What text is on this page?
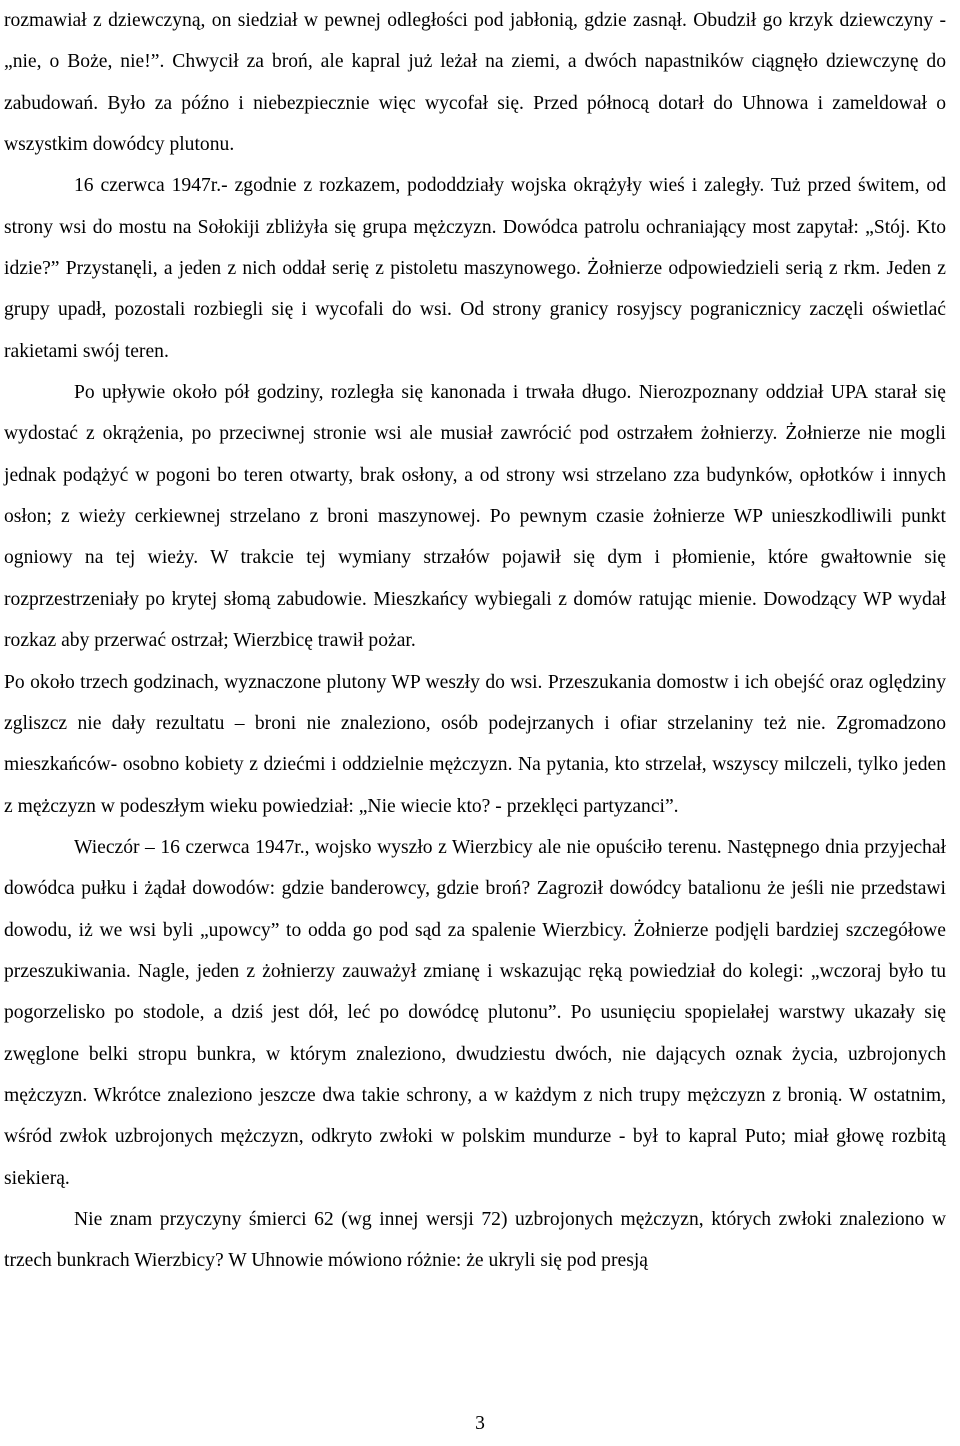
rozmawiał z dziewczyną, on siedział w pewnej odległości pod jabłonią, gdzie zasnął. Obudził go krzyk dziewczyny -„nie, o Boże, nie!”. Chwycił za broń, ale kapral już leżał na ziemi, a dwóch napastników ciągnęło dziewczynę do zabudowań. Było za późno i niebezpiecznie więc wycofał się. Przed północą dotarł do Uhnowa i zameldował o wszystkim dowódcy plutonu.

16 czerwca 1947r.- zgodnie z rozkazem, pododdziały wojska okrążyły wieś i zaległy. Tuż przed świtem, od strony wsi do mostu na Sołokiji zbliżyła się grupa mężczyzn. Dowódca patrolu ochraniający most zapytał: „Stój. Kto idzie?” Przystanęli, a jeden z nich oddał serię z pistoletu maszynowego. Żołnierze odpowiedzieli serią z rkm. Jeden z grupy upadł, pozostali rozbiegli się i wycofali do wsi. Od strony granicy rosyjscy pogranicznicy zaczęli oświetlać rakietami swój teren.

Po upływie około pół godziny, rozległa się kanonada i trwała długo. Nierozpoznany oddział UPA starał się wydostać z okrążenia, po przeciwnej stronie wsi ale musiał zawrócić pod ostrzałem żołnierzy. Żołnierze nie mogli jednak podążyć w pogoni bo teren otwarty, brak osłony, a od strony wsi strzelano zza budynków, opłotków i innych osłon; z wieży cerkiewnej strzelano z broni maszynowej. Po pewnym czasie żołnierze WP unieszkodliwili punkt ogniowy na tej wieży. W trakcie tej wymiany strzałów pojawił się dym i płomienie, które gwałtownie się rozprzestrzeniały po krytej słomą zabudowie. Mieszkańcy wybiegali z domów ratując mienie. Dowodzący WP wydał rozkaz aby przerwać ostrzał; Wierzbicę trawił pożar.

Po około trzech godzinach, wyznaczone plutony WP weszły do wsi. Przeszukania domostw i ich obejść oraz oględziny zgliszcz nie dały rezultatu – broni nie znaleziono, osób podejrzanych i ofiar strzelaniny też nie. Zgromadzono mieszkańców- osobno kobiety z dziećmi i oddzielnie mężczyzn. Na pytania, kto strzelał, wszyscy milczeli, tylko jeden z mężczyzn w podeszłym wieku powiedział: „Nie wiecie kto? - przeklęci partyzanci”.

Wieczór – 16 czerwca 1947r., wojsko wyszło z Wierzbicy ale nie opuściło terenu. Następnego dnia przyjechał dowódca pułku i żądał dowodów: gdzie banderowcy, gdzie broń? Zagroził dowódcy batalionu że jeśli nie przedstawi dowodu, iż we wsi byli „upowcy” to odda go pod sąd za spalenie Wierzbicy. Żołnierze podjęli bardziej szczegółowe przeszukiwania. Nagle, jeden z żołnierzy zauważył zmianę i wskazując ręką powiedział do kolegi: „wczoraj było tu pogorzelisko po stodole, a dziś jest dół, leć po dowódcę plutonu”. Po usunięciu spopielałej warstwy ukazały się zwęglone belki stropu bunkra, w którym znaleziono, dwudziestu dwóch, nie dających oznak życia, uzbrojonych mężczyzn. Wkrótce znaleziono jeszcze dwa takie schrony, a w każdym z nich trupy mężczyzn z bronią. W ostatnim, wśród zwłok uzbrojonych mężczyzn, odkryto zwłoki w polskim mundurze - był to kapral Puto; miał głowę rozbitą siekierą.

Nie znam przyczyny śmierci 62 (wg innej wersji 72) uzbrojonych mężczyzn, których zwłoki znaleziono w trzech bunkrach Wierzbicy? W Uhnowie mówiono różnie: że ukryli się pod presją

3
